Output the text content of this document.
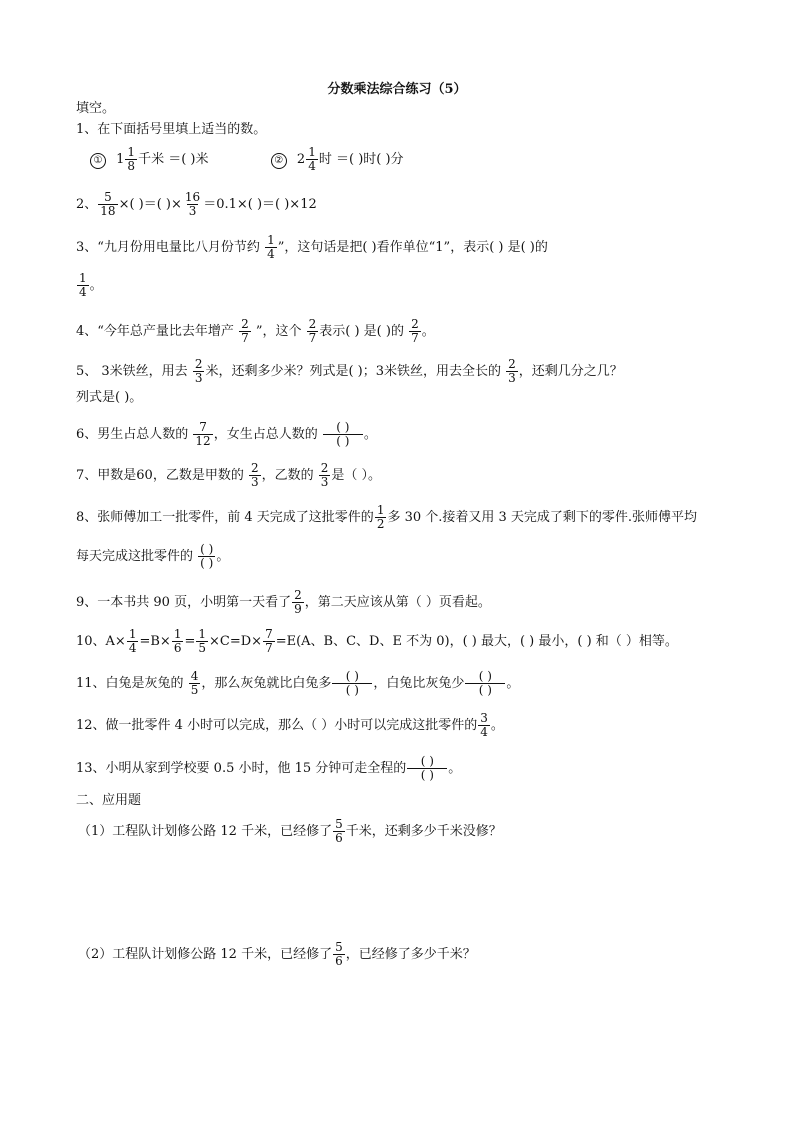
分数乘法综合练习（5）
填空。
1、在下面括号里填上适当的数。
① $1 \frac{1}{8}$ 千米 ＝( )米	② $2 \frac{1}{4}$ 时 ＝( )时( )分
2、 $\frac{5}{18}$ ×( )＝( )× $\frac{16}{3} =0.1\times$( )＝( )×12
3、“九月份用电量比八月份节约 $\frac{1}{4}$ ”，这句话是把( )看作单位“1”，表示( ) 是( )的
$\frac{1}{4}$ 。
4、“今年总产量比去年增产 $\frac{2}{7}$ ”，这个 $\frac{2}{7}$ 表示( ) 是( )的 $\frac{2}{7}$ 。
5、 3米铁丝，用去 $\frac{2}{3}$ 米，还剩多少米？列式是( )；3米铁丝，用去全长的 $\frac{2}{3}$ ，还剩几分之几？
列式是( )。
6、男生占总人数的 $\frac{7}{12}$ ，女生占总人数的 $\frac{( )}{( )}$ 。
7、甲数是60，乙数是甲数的 $\frac{2}{3}$ ，乙数的 $\frac{2}{3}$ 是（ ）。
8、张师傅加工一批零件，前 4 天完成了这批零件的 $\frac{1}{2}$ 多 30 个.接着又用 3 天完成了剩下的零件.张师傅平均
每天完成这批零件的 $\frac{( )}{( )}$ 。
9、一本书共 90 页，小明第一天看了 $\frac{2}{9}$ ，第二天应该从第（ ）页看起。
10、$A\times \frac{1}{4} =B\times \frac{1}{6} = \frac{1}{5} \times C=D\times \frac{7}{7} =E(A$、B、C、D、E 不为 0)，( ) 最大，( ) 最小，( ) 和（ ）相等。
11、白兔是灰兔的 $\frac{4}{5}$ ，那么灰兔就比白兔多 $\frac{( )}{( )}$ ，白兔比灰兔少 $\frac{( )}{( )}$ 。
12、做一批零件 4 小时可以完成，那么（ ）小时可以完成这批零件的 $\frac{3}{4}$ 。
13、小明从家到学校要 0.5 小时，他 15 分钟可走全程的 $\frac{( )}{( )}$ 。
二、应用题
（1）工程队计划修公路 12 千米，已经修了 $\frac{5}{6}$ 千米，还剩多少千米没修？
（2）工程队计划修公路 12 千米，已经修了 $\frac{5}{6}$ ，已经修了多少千米？
